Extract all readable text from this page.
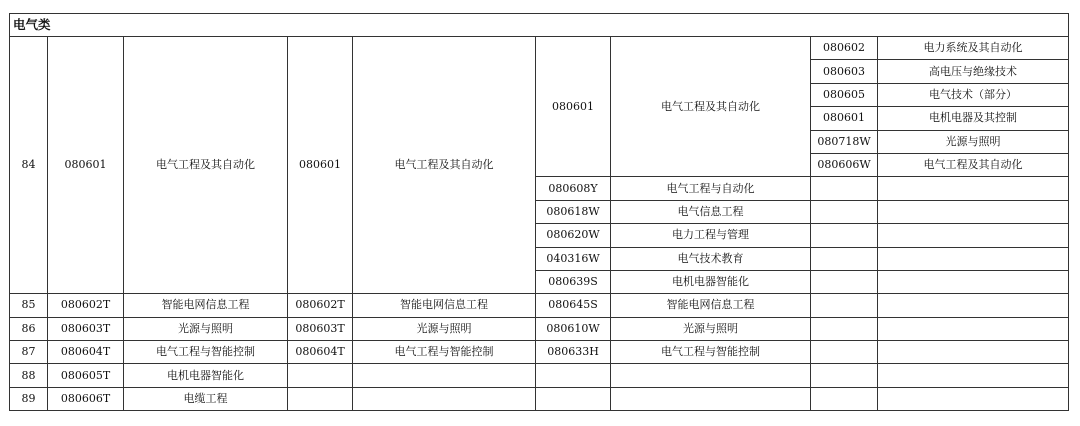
电气类								
84	080601	电气工程及其自动化	080601	电气工程及其自动化	080601	电气工程及其自动化	080602	电力系统及其自动化
							080603	高电压与绝缘技术
							080605	电气技术（部分）
							080601	电机电器及其控制
							080718W	光源与照明
							080606W	电气工程及其自动化
					080608Y	电气工程与自动化		
					080618W	电气信息工程		
					080620W	电力工程与管理		
					040316W	电气技术教育		
					080639S	电机电器智能化		
85	080602T	智能电网信息工程	080602T	智能电网信息工程	080645S	智能电网信息工程		
86	080603T	光源与照明	080603T	光源与照明	080610W	光源与照明		
87	080604T	电气工程与智能控制	080604T	电气工程与智能控制	080633H	电气工程与智能控制		
88	080605T	电机电器智能化						
89	080606T	电缆工程						
